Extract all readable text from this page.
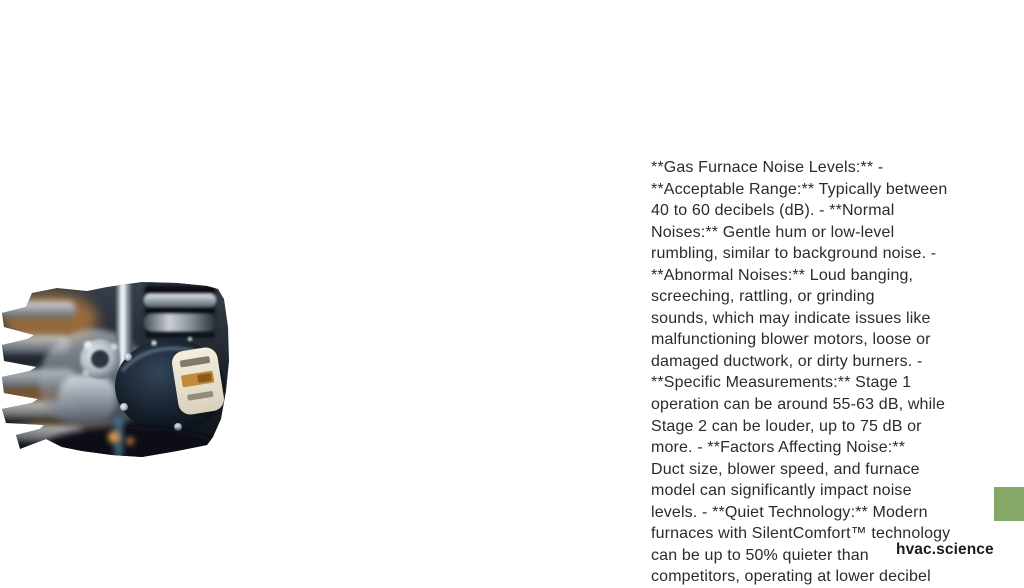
**Gas Furnace Noise Levels:** -
**Acceptable Range:** Typically between
40 to 60 decibels (dB). - **Normal
Noises:** Gentle hum or low-level
rumbling, similar to background noise. -
**Abnormal Noises:** Loud banging,
screeching, rattling, or grinding
sounds, which may indicate issues like
malfunctioning blower motors, loose or
damaged ductwork, or dirty burners. -
**Specific Measurements:** Stage 1
operation can be around 55-63 dB, while
Stage 2 can be louder, up to 75 dB or
more. - **Factors Affecting Noise:**
Duct size, blower speed, and furnace
model can significantly impact noise
levels. - **Quiet Technology:** Modern
furnaces with SilentComfort™ technology
can be up to 50% quieter than
competitors, operating at lower decibel
hvac.science
